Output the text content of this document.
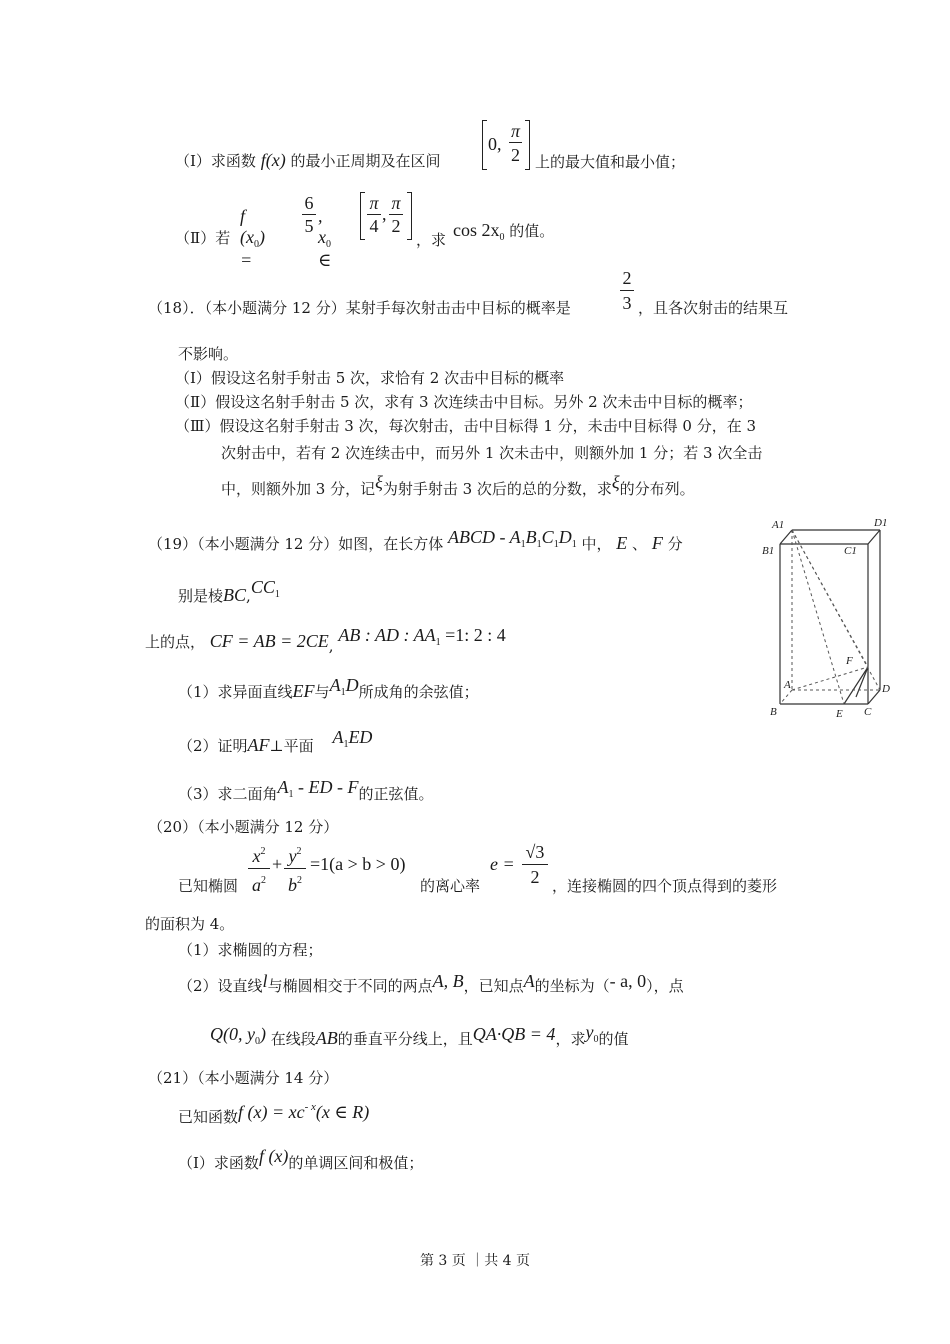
（Ⅰ）求函数 f(x) 的最小正周期及在区间
0, $\frac{\pi}{2}$ 上的最大值和最小值；
（Ⅱ）若
f $(x_0)$ =
6
5 , $x_0$ ∈
π
4
,
π
2
，求 $\cos 2x_0$ 的值。
（18）．（本小题满分 12 分）某射手每次射击击中目标的概率是
2
3 ，且各次射击的结果互
不影响。
（Ⅰ）假设这名射手射击 5 次，求恰有 2 次击中目标的概率
（Ⅱ）假设这名射手射击 5 次，求有 3 次连续击中目标。另外 2 次未击中目标的概率；
（Ⅲ）假设这名射手射击 3 次，每次射击，击中目标得 1 分，未击中目标得 0 分，在 3
次射击中，若有 2 次连续击中，而另外 1 次未击中，则额外加 1 分；若 3 次全击
中，则额外加 3 分，记ξ为射手射击 3 次后的总的分数，求ξ的分布列。
（19）（本小题满分 12 分）如图，在长方体 ABCD - $A_1B_1C_1D_1$ 中， E 、 F 分
别是棱$BC,CC_1$
上的点， CF = AB = 2CE, AB : AD : $AA_1 =1$: 2 : 4
（1）求异面直线EF与$A_1D$所成角的余弦值；
（2）证明AF⊥平面 $A_1ED$
（3）求二面角$A_1$ - ED - F的正弦值。
A1	D1
B1	C1
F
A	D
B	E C
（20）（本小题满分 12 分）
已知椭圆
$x^2$
$a^2$
+ $y^2$
$b^2$
=1(a > b > 0)
的离心率
e =
√3
2 ，连接椭圆的四个顶点得到的菱形
的面积为 4。
（1）求椭圆的方程；
（2）设直线l与椭圆相交于不同的两点A, B，已知点A的坐标为（- a, 0），点
Q(0, $y_0$) 在线段AB的垂直平分线上，且QA·QB = 4，求$y_0$的值
（21）（本小题满分 14 分）
已知函数f $(x) = xc^{- x}(x$ ∈ R)
（Ⅰ）求函数f (x)的单调区间和极值；
第 3 页 ｜共 4 页
